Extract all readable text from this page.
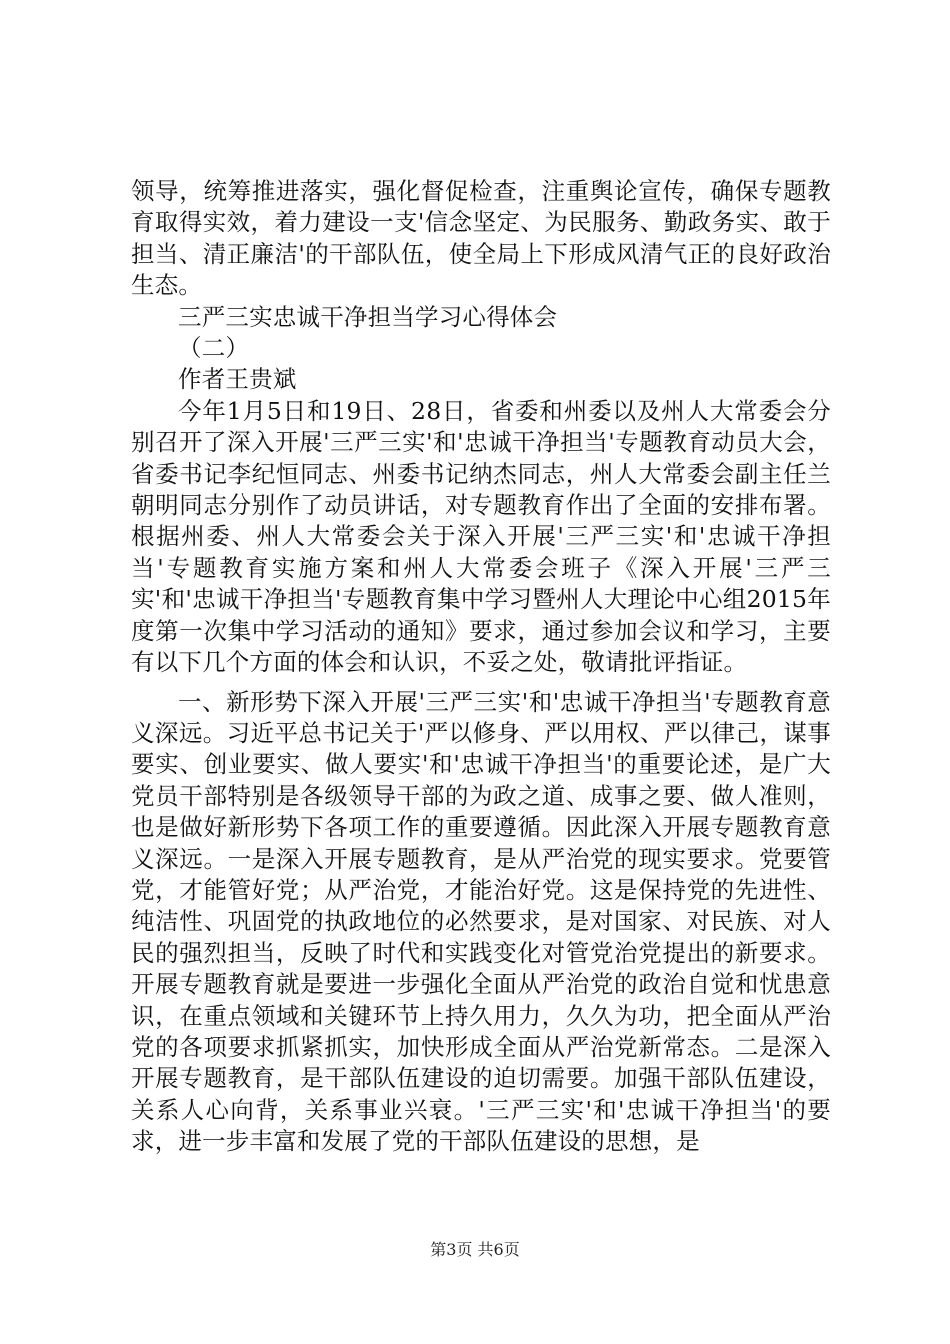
领导，统筹推进落实，强化督促检查，注重舆论宣传，确保专题教育取得实效，着力建设一支'信念坚定、为民服务、勤政务实、敢于担当、清正廉洁'的干部队伍，使全局上下形成风清气正的良好政治生态。

三严三实忠诚干净担当学习心得体会

（二）

作者王贵斌

今年1月5日和19日、28日，省委和州委以及州人大常委会分别召开了深入开展'三严三实'和'忠诚干净担当'专题教育动员大会，省委书记李纪恒同志、州委书记纳杰同志，州人大常委会副主任兰朝明同志分别作了动员讲话，对专题教育作出了全面的安排布署。根据州委、州人大常委会关于深入开展'三严三实'和'忠诚干净担当'专题教育实施方案和州人大常委会班子《深入开展'三严三实'和'忠诚干净担当'专题教育集中学习暨州人大理论中心组2015年度第一次集中学习活动的通知》要求，通过参加会议和学习，主要有以下几个方面的体会和认识，不妥之处，敬请批评指证。

一、新形势下深入开展'三严三实'和'忠诚干净担当'专题教育意义深远。习近平总书记关于'严以修身、严以用权、严以律己，谋事要实、创业要实、做人要实'和'忠诚干净担当'的重要论述，是广大党员干部特别是各级领导干部的为政之道、成事之要、做人准则，也是做好新形势下各项工作的重要遵循。因此深入开展专题教育意义深远。一是深入开展专题教育，是从严治党的现实要求。党要管党，才能管好党；从严治党，才能治好党。这是保持党的先进性、纯洁性、巩固党的执政地位的必然要求，是对国家、对民族、对人民的强烈担当，反映了时代和实践变化对管党治党提出的新要求。开展专题教育就是要进一步强化全面从严治党的政治自觉和忧患意识，在重点领域和关键环节上持久用力，久久为功，把全面从严治党的各项要求抓紧抓实，加快形成全面从严治党新常态。二是深入开展专题教育，是干部队伍建设的迫切需要。加强干部队伍建设，关系人心向背，关系事业兴衰。'三严三实'和'忠诚干净担当'的要求，进一步丰富和发展了党的干部队伍建设的思想，是

第3页 共6页
